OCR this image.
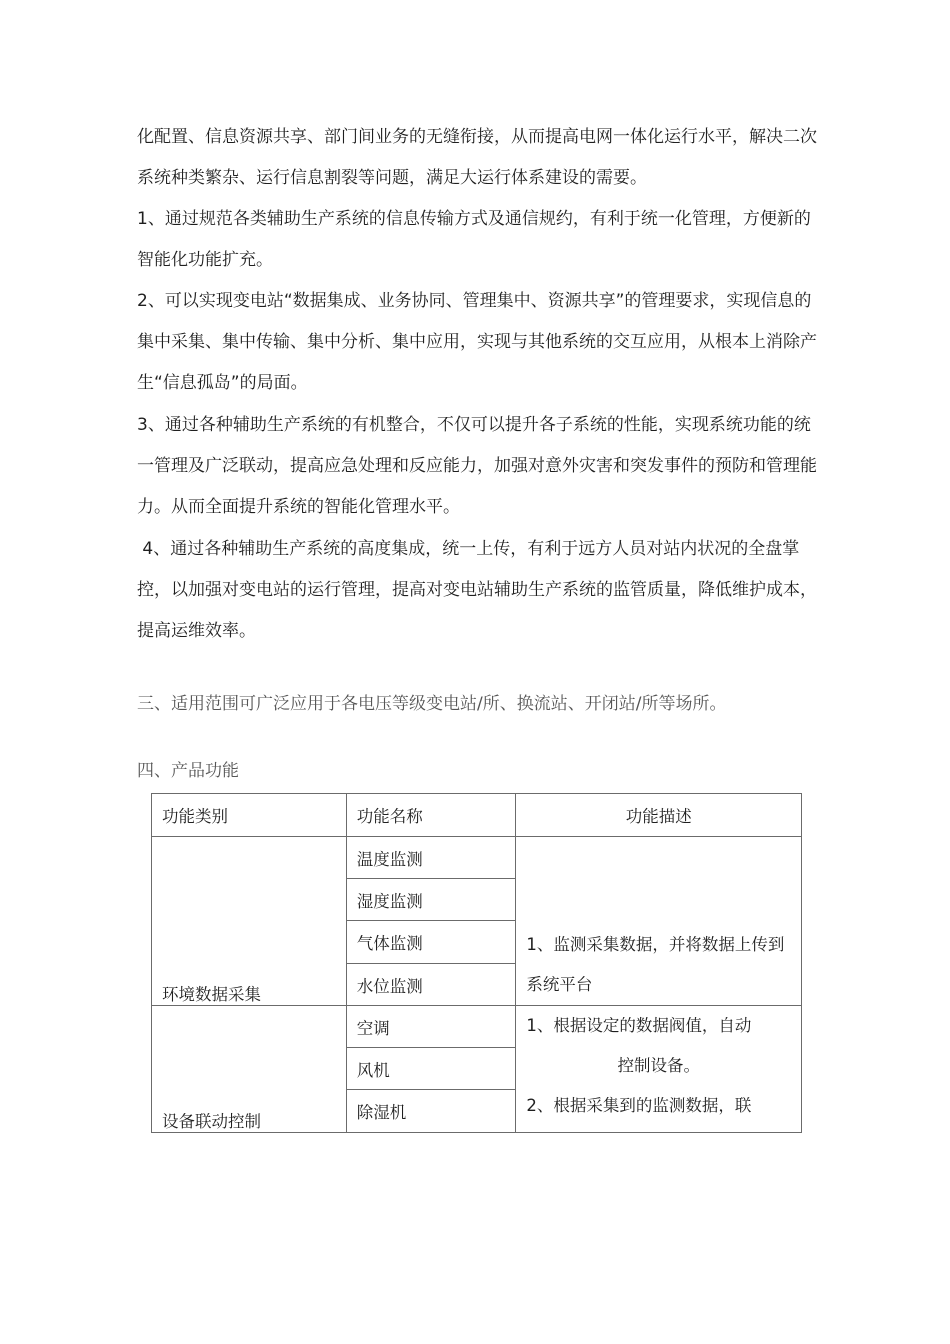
化配置、信息资源共享、部门间业务的无缝衔接，从而提高电网一体化运行水平，解决二次系统种类繁杂、运行信息割裂等问题，满足大运行体系建设的需要。

1、通过规范各类辅助生产系统的信息传输方式及通信规约，有利于统一化管理，方便新的智能化功能扩充。

2、可以实现变电站“数据集成、业务协同、管理集中、资源共享”的管理要求，实现信息的集中采集、集中传输、集中分析、集中应用，实现与其他系统的交互应用，从根本上消除产生“信息孤岛”的局面。

3、通过各种辅助生产系统的有机整合，不仅可以提升各子系统的性能，实现系统功能的统一管理及广泛联动，提高应急处理和反应能力，加强对意外灾害和突发事件的预防和管理能力。从而全面提升系统的智能化管理水平。

4、通过各种辅助生产系统的高度集成，统一上传，有利于远方人员对站内状况的全盘掌控，以加强对变电站的运行管理，提高对变电站辅助生产系统的监管质量，降低维护成本，提高运维效率。

三、适用范围可广泛应用于各电压等级变电站/所、换流站、开闭站/所等场所。

四、产品功能

功能类别	功能名称	功能描述
环境数据采集	温度监测	1、监测采集数据，并将数据上传到系统平台
	湿度监测	
	气体监测	
	水位监测	
设备联动控制	空调	1、根据设定的数据阀值，自动
控制设备。
2、根据采集到的监测数据，联

	风机	
	除湿机	
